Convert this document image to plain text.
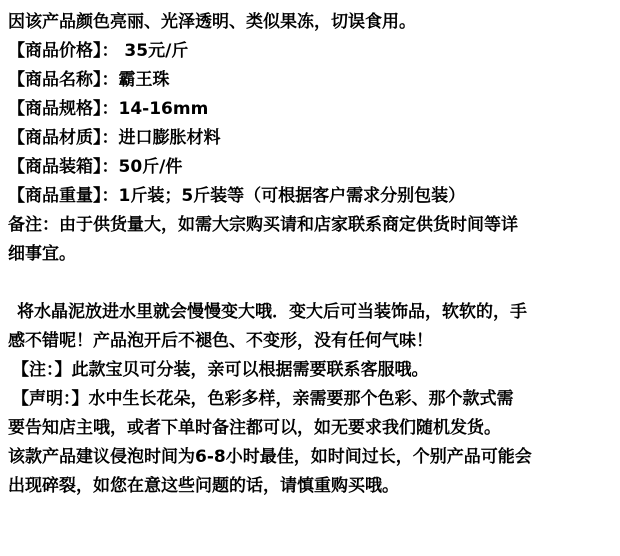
因该产品颜色亮丽、光泽透明、类似果冻，切误食用。
【商品价格】： 35元/斤
【商品名称】：霸王珠
【商品规格】：14-16mm
【商品材质】：进口膨胀材料
【商品装箱】：50斤/件
【商品重量】：1斤装；5斤装等（可根据客户需求分别包装）
备注：由于供货量大，如需大宗购买请和店家联系商定供货时间等详
细事宜。
将水晶泥放进水里就会慢慢变大哦．变大后可当装饰品，软软的，手
感不错呢！产品泡开后不褪色、不变形，没有任何气味！
【注：】此款宝贝可分装，亲可以根据需要联系客服哦。
【声明：】水中生长花朵，色彩多样，亲需要那个色彩、那个款式需
要告知店主哦，或者下单时备注都可以，如无要求我们随机发货。
该款产品建议侵泡时间为6-8小时最佳，如时间过长，个别产品可能会
出现碎裂，如您在意这些问题的话，请慎重购买哦。
